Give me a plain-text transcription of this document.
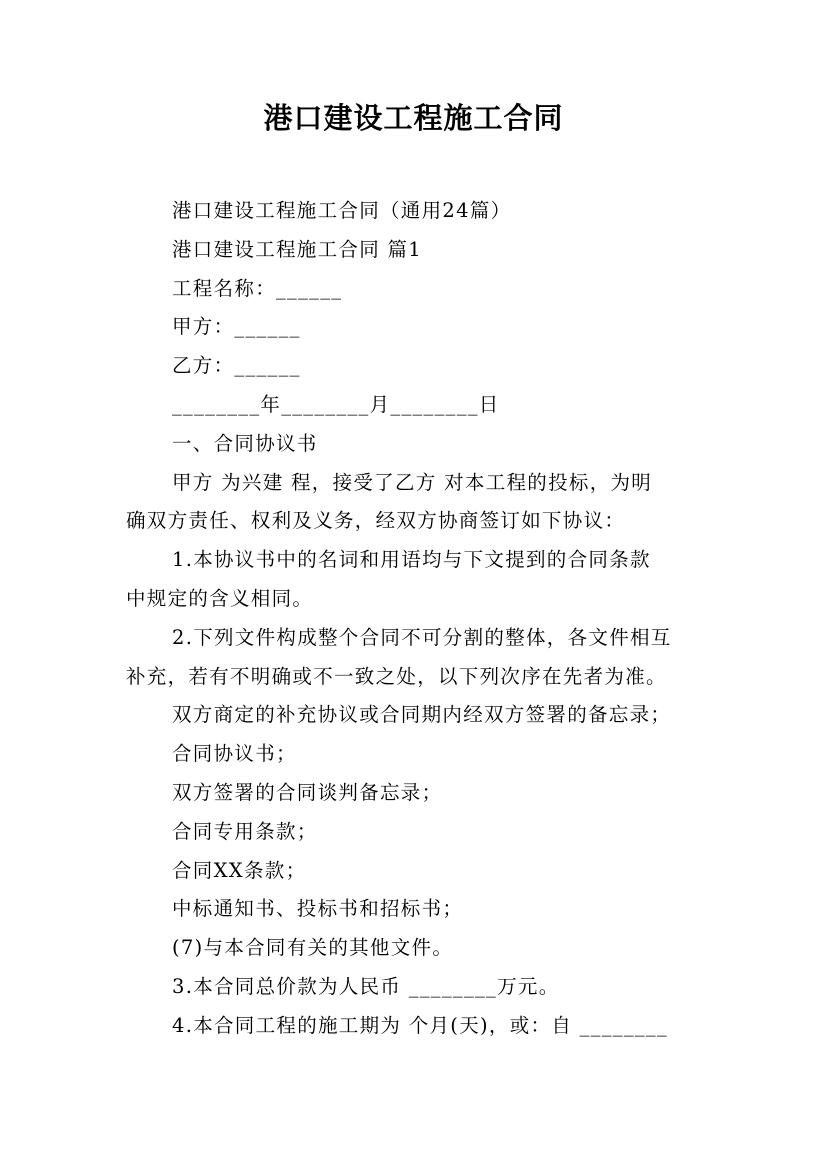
港口建设工程施工合同
港口建设工程施工合同（通用24篇）
港口建设工程施工合同 篇1
工程名称：______
甲方：______
乙方：______
________年________月________日
一、合同协议书
甲方 为兴建 程，接受了乙方 对本工程的投标，为明
确双方责任、权利及义务，经双方协商签订如下协议：
1.本协议书中的名词和用语均与下文提到的合同条款
中规定的含义相同。
2.下列文件构成整个合同不可分割的整体，各文件相互
补充，若有不明确或不一致之处，以下列次序在先者为准。
双方商定的补充协议或合同期内经双方签署的备忘录；
合同协议书；
双方签署的合同谈判备忘录；
合同专用条款；
合同XX条款；
中标通知书、投标书和招标书；
(7)与本合同有关的其他文件。
3.本合同总价款为人民币 ________万元。
4.本合同工程的施工期为 个月(天)，或：自 ________
